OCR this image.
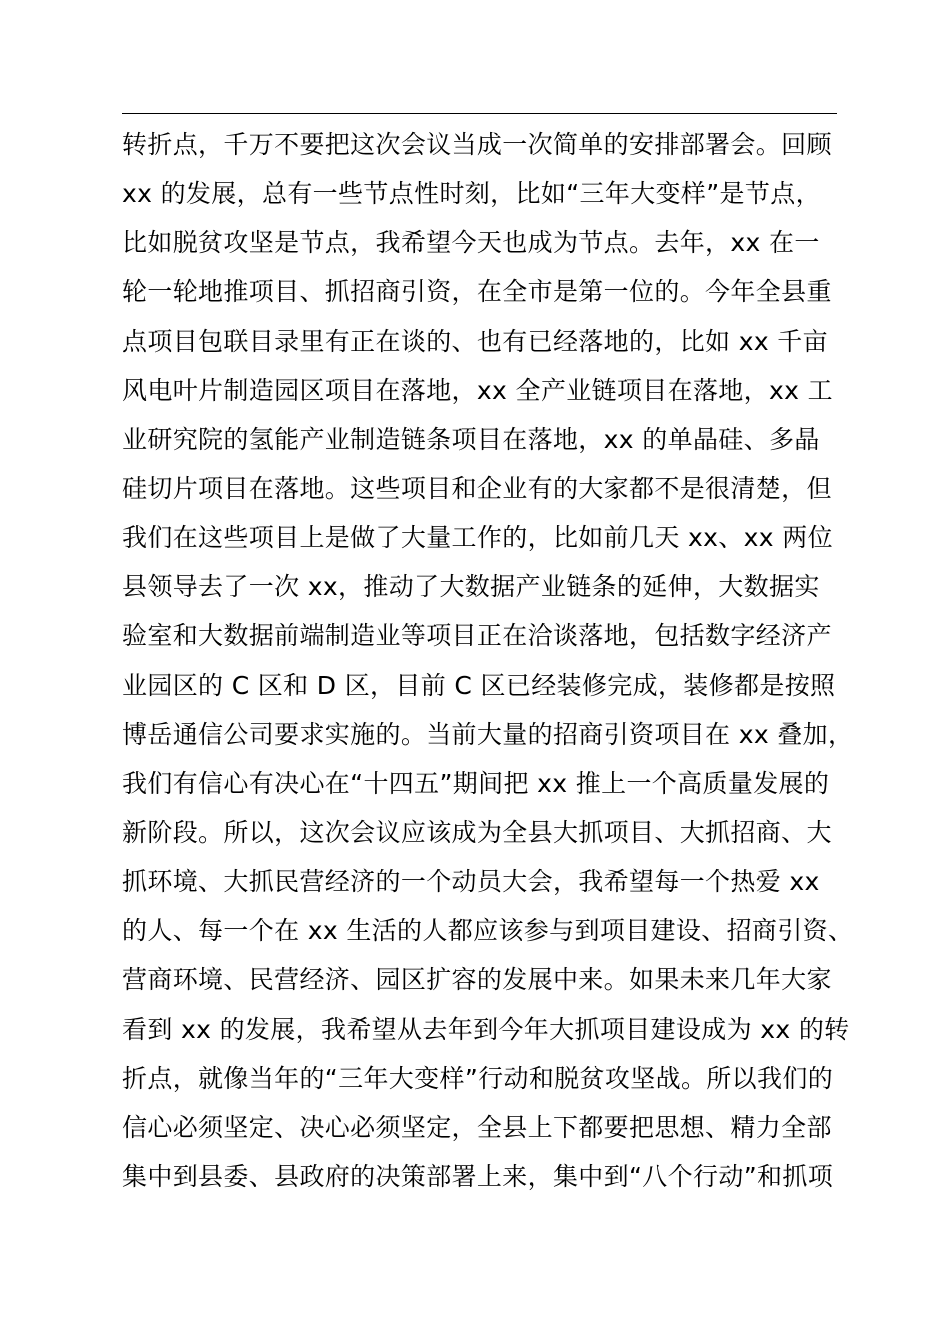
转折点，千万不要把这次会议当成一次简单的安排部署会。回顾
xx 的发展，总有一些节点性时刻，比如“三年大变样”是节点，
比如脱贫攻坚是节点，我希望今天也成为节点。去年，xx 在一
轮一轮地推项目、抓招商引资，在全市是第一位的。今年全县重
点项目包联目录里有正在谈的、也有已经落地的，比如 xx 千亩
风电叶片制造园区项目在落地，xx 全产业链项目在落地，xx 工
业研究院的氢能产业制造链条项目在落地，xx 的单晶硅、多晶
硅切片项目在落地。这些项目和企业有的大家都不是很清楚，但
我们在这些项目上是做了大量工作的，比如前几天 xx、xx 两位
县领导去了一次 xx，推动了大数据产业链条的延伸，大数据实
验室和大数据前端制造业等项目正在洽谈落地，包括数字经济产
业园区的 C 区和 D 区，目前 C 区已经装修完成，装修都是按照
博岳通信公司要求实施的。当前大量的招商引资项目在 xx 叠加，
我们有信心有决心在“十四五”期间把 xx 推上一个高质量发展的
新阶段。所以，这次会议应该成为全县大抓项目、大抓招商、大
抓环境、大抓民营经济的一个动员大会，我希望每一个热爱 xx
的人、每一个在 xx 生活的人都应该参与到项目建设、招商引资、
营商环境、民营经济、园区扩容的发展中来。如果未来几年大家
看到 xx 的发展，我希望从去年到今年大抓项目建设成为 xx 的转
折点，就像当年的“三年大变样”行动和脱贫攻坚战。所以我们的
信心必须坚定、决心必须坚定，全县上下都要把思想、精力全部
集中到县委、县政府的决策部署上来，集中到“八个行动”和抓项
